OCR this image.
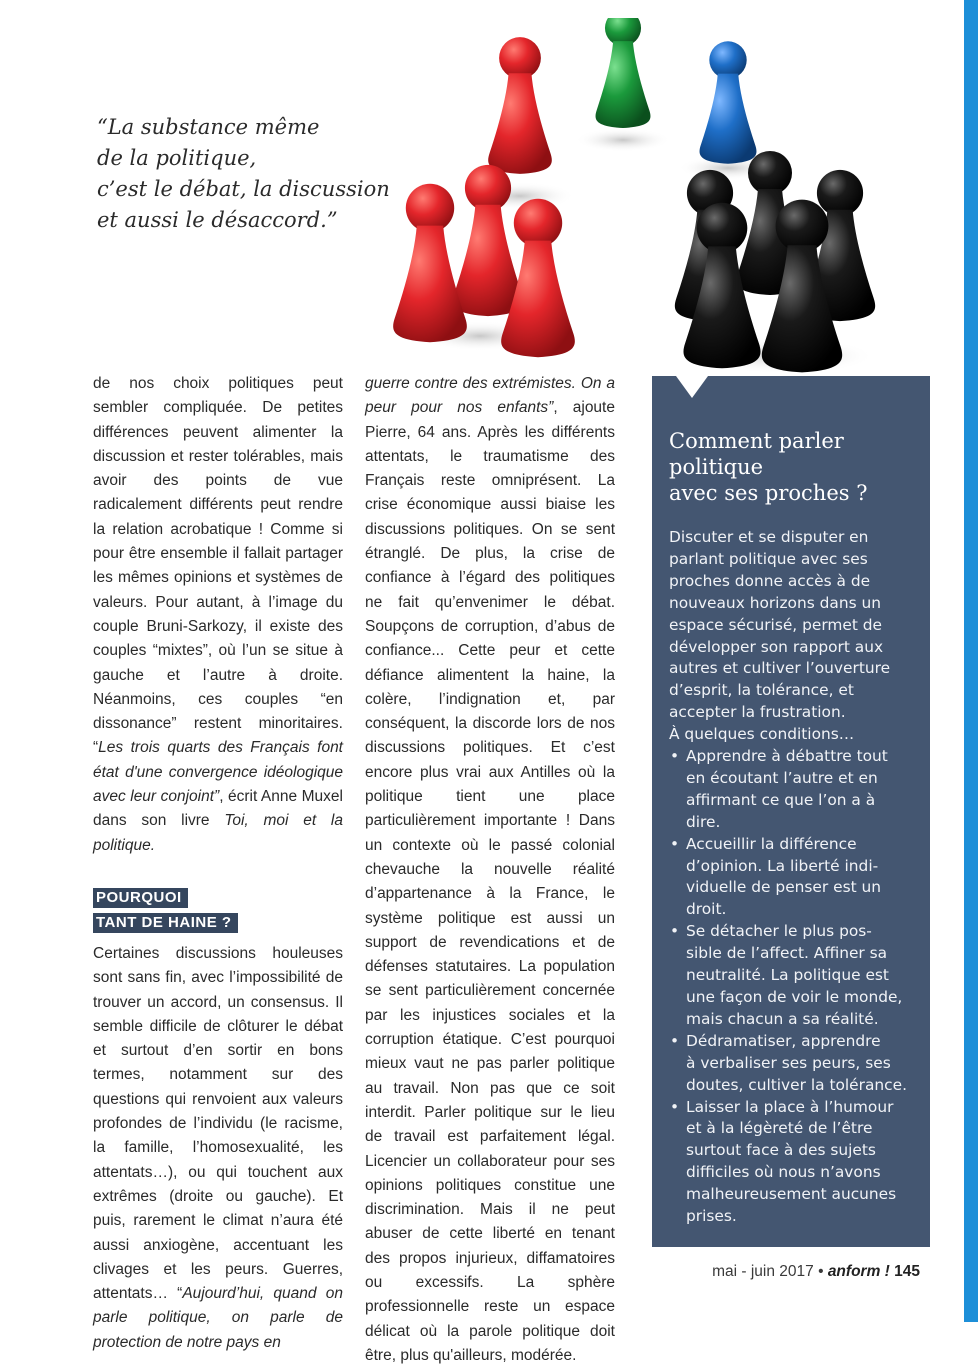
“La substance même
de la politique,
c’est le débat, la discussion
et aussi le désaccord.”

de nos choix politiques peut sembler compliquée. De petites différences peuvent alimenter la discussion et rester tolérables, mais avoir des points de vue radicalement différents peut rendre la relation acrobatique ! Comme si pour être ensemble il fallait partager les mêmes opinions et systèmes de valeurs. Pour autant, à l’image du couple Bruni-Sarkozy, il existe des couples “mixtes”, où l’un se situe à gauche et l’autre à droite. Néanmoins, ces couples “en dissonance” restent minoritaires. “Les trois quarts des Français font état d'une convergence idéologique avec leur conjoint”, écrit Anne Muxel dans son livre Toi, moi et la politique.

POURQUOI
TANT DE HAINE ?

Certaines discussions houleuses sont sans fin, avec l’impossibilité de trouver un accord, un consensus. Il semble difficile de clôturer le débat et surtout d’en sortir en bons termes, notamment sur des questions qui renvoient aux valeurs profondes de l’individu (le racisme, la famille, l’homosexualité, les attentats…), ou qui touchent aux extrêmes (droite ou gauche). Et puis, rarement le climat n’aura été aussi anxiogène, accentuant les clivages et les peurs. Guerres, attentats… “Aujourd’hui, quand on parle politique, on parle de protection de notre pays en

guerre contre des extrémistes. On a peur pour nos enfants”, ajoute Pierre, 64 ans. Après les différents attentats, le traumatisme des Français reste omniprésent. La crise économique aussi biaise les discussions politiques. On se sent étranglé. De plus, la crise de confiance à l’égard des politiques ne fait qu’envenimer le débat. Soupçons de corruption, d’abus de confiance... Cette peur et cette défiance alimentent la haine, la colère, l’indignation et, par conséquent, la discorde lors de nos discussions politiques. Et c’est encore plus vrai aux Antilles où la politique tient une place particulièrement importante ! Dans un contexte où le passé colonial chevauche la nouvelle réalité d’appartenance à la France, le système politique est aussi un support de revendications et de défenses statutaires. La population se sent particulièrement concernée par les injustices sociales et la corruption étatique. C’est pourquoi mieux vaut ne pas parler politique au travail. Non pas que ce soit interdit. Parler politique sur le lieu de travail est parfaitement légal. Licencier un collaborateur pour ses opinions politiques constitue une discrimination. Mais il ne peut abuser de cette liberté en tenant des propos injurieux, diffamatoires ou excessifs. La sphère professionnelle reste un espace délicat où la parole politique doit être, plus qu'ailleurs, modérée.

Comment parler
politique
avec ses proches ?
Discuter et se disputer en
parlant politique avec ses
proches donne accès à de
nouveaux horizons dans un
espace sécurisé, permet de
développer son rapport aux
autres et cultiver l’ouverture
d’esprit, la tolérance, et
accepter la frustration.
À quelques conditions…
• Apprendre à débattre tout
en écoutant l’autre et en
affirmant ce que l’on a à
dire.
• Accueillir la différence
d’opinion. La liberté indi-
viduelle de penser est un
droit.
• Se détacher le plus pos-
sible de l’affect. Affiner sa
neutralité. La politique est
une façon de voir le monde,
mais chacun a sa réalité.
• Dédramatiser, apprendre
à verbaliser ses peurs, ses
doutes, cultiver la tolérance.
• Laisser la place à l’humour
et à la légèreté de l’être
surtout face à des sujets
difficiles où nous n’avons
malheureusement aucunes
prises.
mai - juin 2017 • anform ! 145
